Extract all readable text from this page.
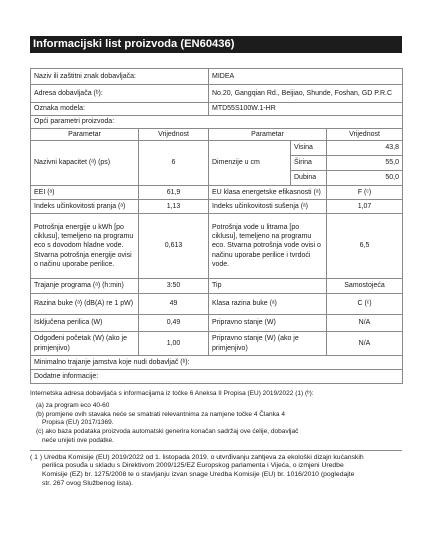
Informacijski list proizvoda (EN60436)
Naziv ili zaštitni znak dobavljača:		MIDEA		
Adresa dobavljača (ᵇ):		No.20, Gangqian Rd., Beijiao, Shunde, Foshan, GD P.R.C		
Oznaka modela:		MTD55S100W.1-HR		
Opći parametri proizvoda:				
Parametar	Vrijednost	Parametar		Vrijednost
Nazivni kapacitet (ᵃ) (ps)	6	Dimenzije u cm	Visina	43,8
			Širina	55,0
			Dubina	50,0
EEI (ᵃ)	61,9	EU klasa energetske efikasnosti (ᵃ)		F (ᶜ)
Indeks učinkovitosti pranja (ᵃ)	1,13	Indeks učinkovitosti sušenja (ᵃ)		1,07
Potrošnja energije u kWh [po ciklusu], temeljeno na programu eco s dovodom hladne vode. Stvarna potrošnja energije ovisi o načinu uporabe perilice.	0,613	Potrošnja vode u litrama [po ciklusu], temeljeno na programu eco. Stvarna potrošnja vode ovisi o načinu uporabe perilice i tvrdoći vode.		6,5
Trajanje programa (ᵃ) (h:min)	3:50	Tip		Samostojeća
Razina buke (ᵃ) (dB(A) re 1 pW)	49	Klasa razina buke (ᵃ)		C (ᶜ)
Isključena perilica (W)	0,49	Pripravno stanje (W)		N/A
Odgođeni početak (W) (ako je primjenjivo)	1,00	Pripravno stanje (W) (ako je primjenjivo)		N/A
Minimalno trajanje jamstva koje nudi dobavljač (ᵇ):				
Dodatne informacije:				

Internetska adresa dobavljača s informacijama iz točke 6 Aneksa II Propisa (EU) 2019/2022 (1) (ᵇ):

(a) za program eco 40-60

(b) promjene ovih stavaka neće se smatrati relevantnima za namjene točke 4 Članka 4

Propisa (EU) 2017/1369.

(c) ako baza podataka proizvoda automatski generira konačan sadržaj ove ćelije, dobavljač

neće unijeti ove podatke.

( 1 ) Uredba Komisije (EU) 2019/2022 od 1. listopada 2019. o utvrđivanju zahtjeva za ekološki dizajn kućanskih

perilica posuđa u skladu s Direktivom 2009/125/EZ Europskog parlamenta i Vijeća, o izmjeni Uredbe

Komisije (EZ) br. 1275/2008 te o stavljanju izvan snage Uredba Komisije (EU) br. 1016/2010 (pogledajte

str. 267 ovog Službenog lista).
